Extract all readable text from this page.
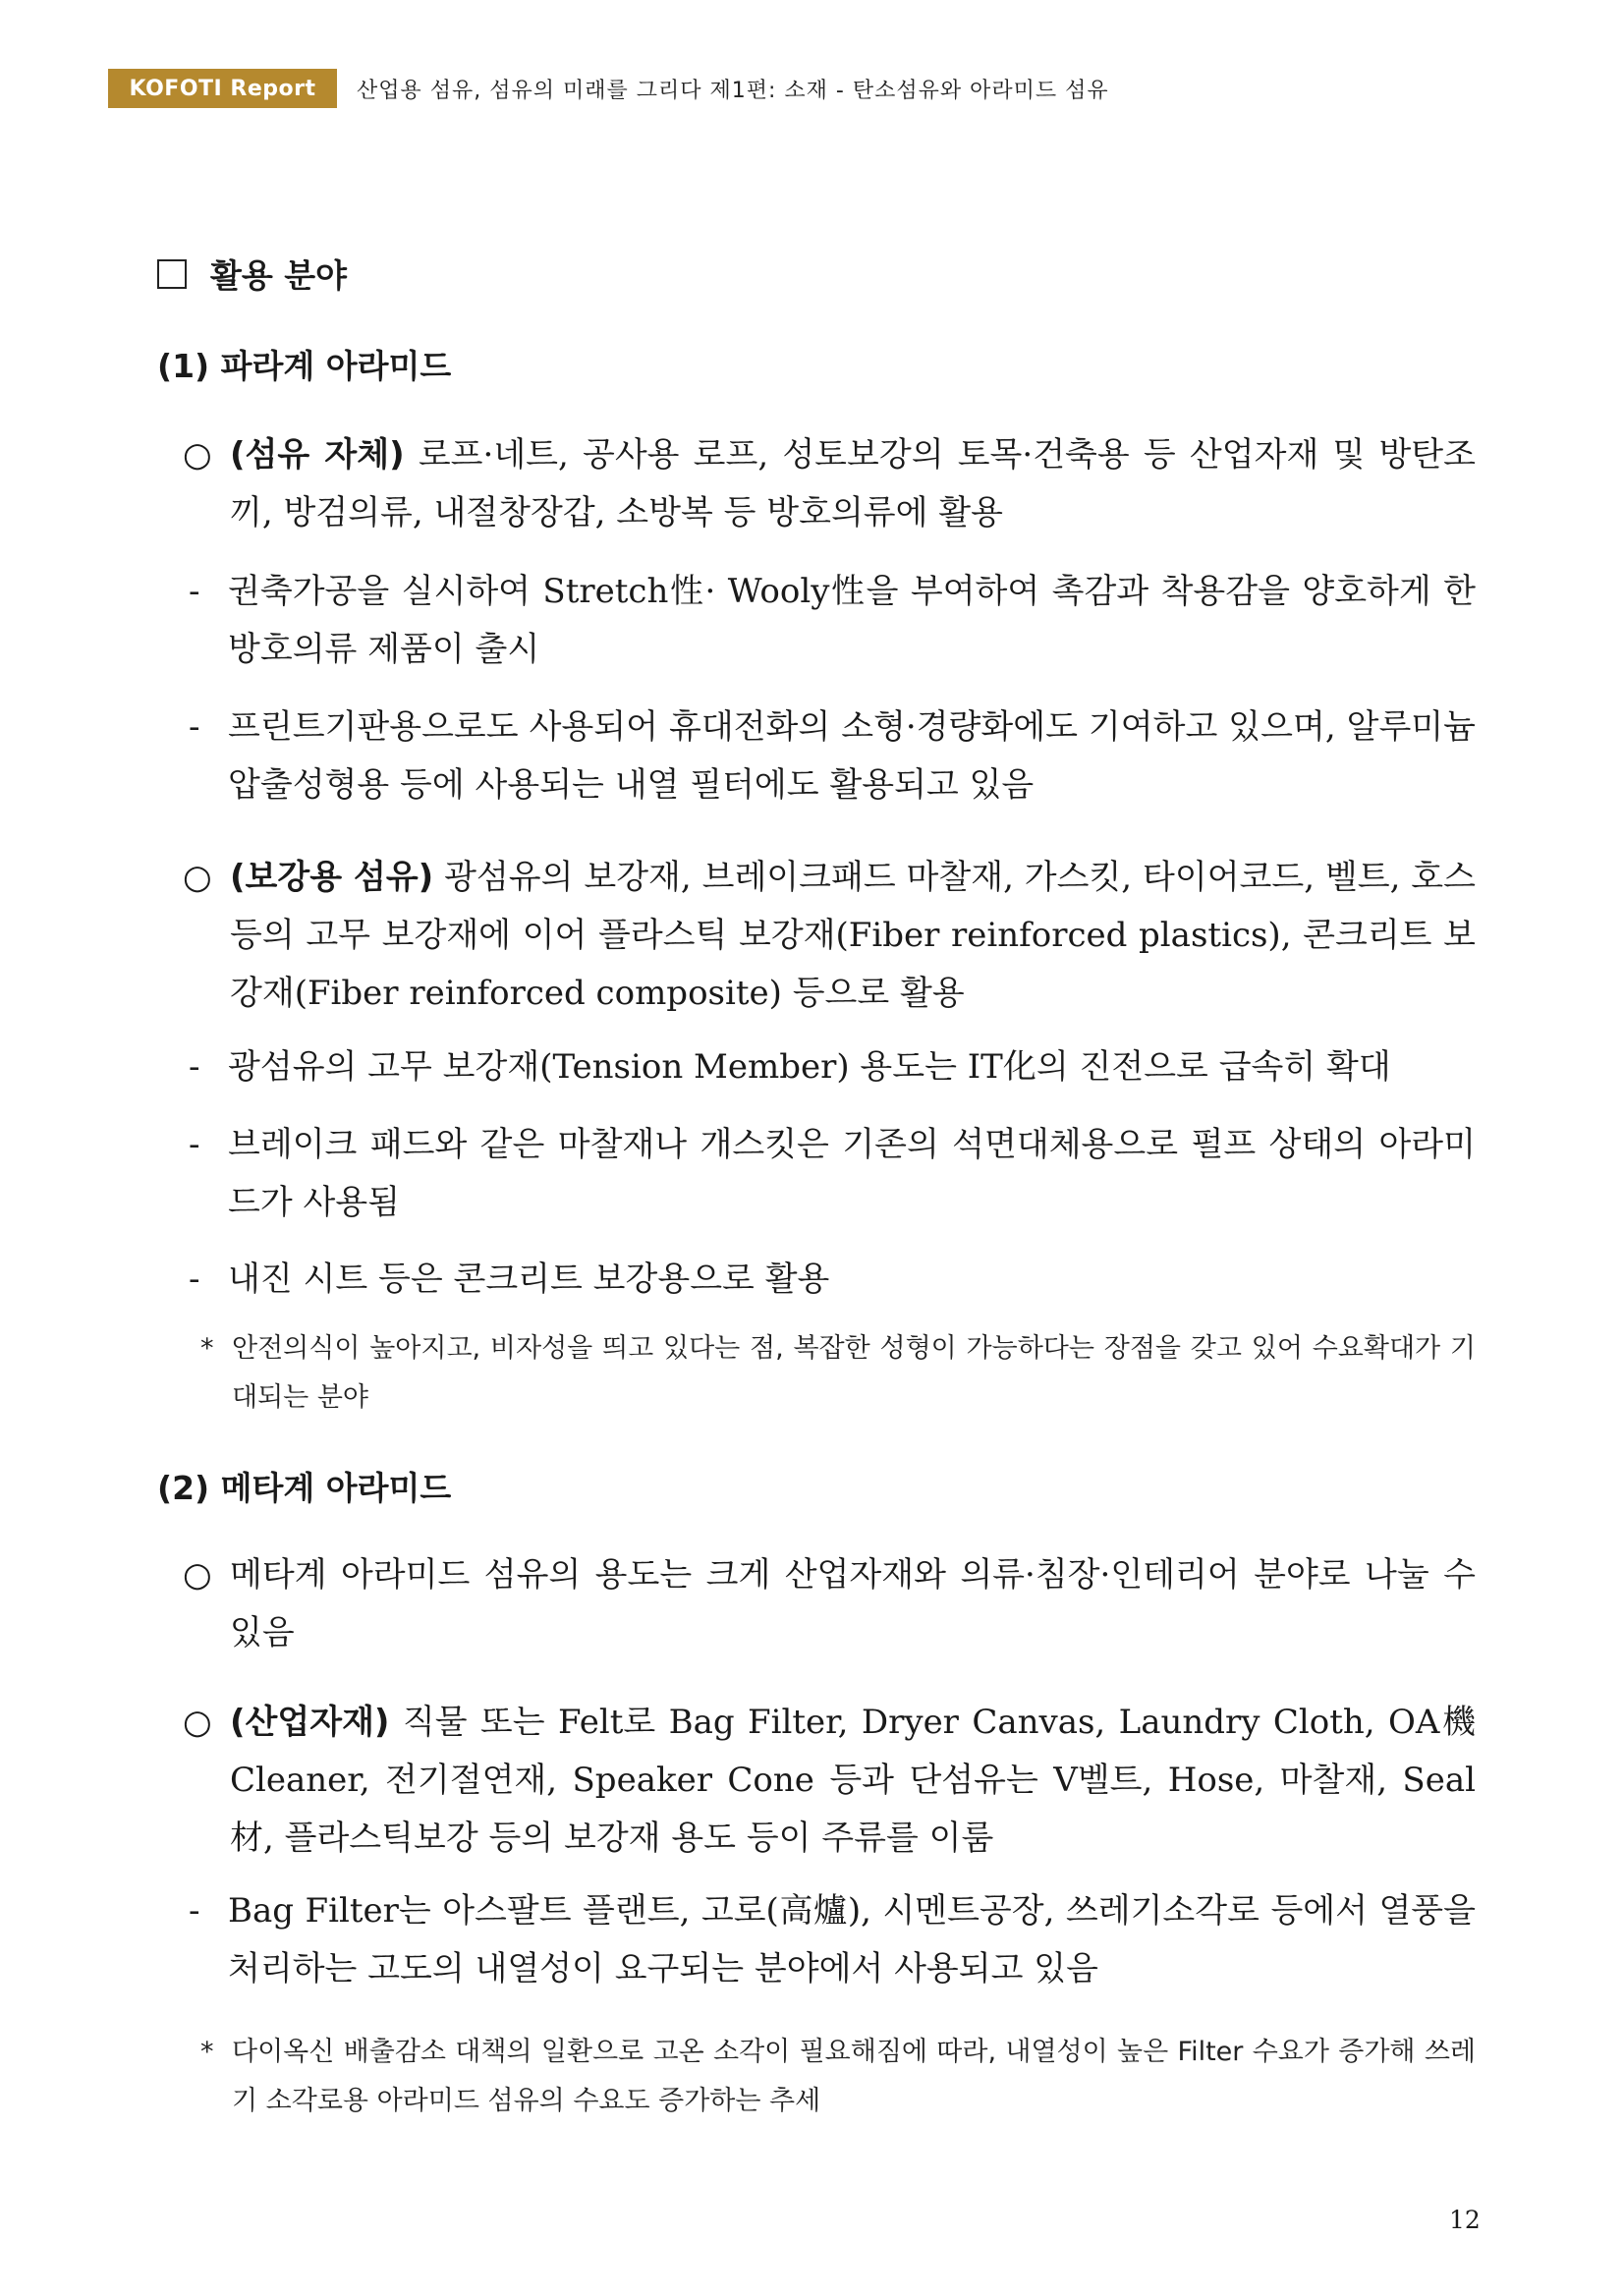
KOFOTI Report	산업용 섬유, 섬유의 미래를 그리다 제1편: 소재 - 탄소섬유와 아라미드 섬유
활용 분야
(1) 파라계 아라미드
○ (섬유 자체) 로프·네트, 공사용 로프, 성토보강의 토목·건축용 등 산업자재 및 방탄조끼, 방검의류, 내절창장갑, 소방복 등 방호의류에 활용
- 권축가공을 실시하여 Stretch性· Wooly性을 부여하여 촉감과 착용감을 양호하게 한 방호의류 제품이 출시
- 프린트기판용으로도 사용되어 휴대전화의 소형·경량화에도 기여하고 있으며, 알루미늄 압출성형용 등에 사용되는 내열 필터에도 활용되고 있음
○ (보강용 섬유) 광섬유의 보강재, 브레이크패드 마찰재, 가스킷, 타이어코드, 벨트, 호스 등의 고무 보강재에 이어 플라스틱 보강재(Fiber reinforced plastics), 콘크리트 보강재(Fiber reinforced composite) 등으로 활용
- 광섬유의 고무 보강재(Tension Member) 용도는 IT化의 진전으로 급속히 확대
- 브레이크 패드와 같은 마찰재나 개스킷은 기존의 석면대체용으로 펄프 상태의 아라미드가 사용됨
- 내진 시트 등은 콘크리트 보강용으로 활용
* 안전의식이 높아지고, 비자성을 띄고 있다는 점, 복잡한 성형이 가능하다는 장점을 갖고 있어 수요확대가 기대되는 분야
(2) 메타계 아라미드
○ 메타계 아라미드 섬유의 용도는 크게 산업자재와 의류·침장·인테리어 분야로 나눌 수 있음
○ (산업자재) 직물 또는 Felt로 Bag Filter, Dryer Canvas, Laundry Cloth, OA機 Cleaner, 전기절연재, Speaker Cone 등과 단섬유는 V벨트, Hose, 마찰재, Seal材, 플라스틱보강 등의 보강재 용도 등이 주류를 이룸
- Bag Filter는 아스팔트 플랜트, 고로(高爐), 시멘트공장, 쓰레기소각로 등에서 열풍을 처리하는 고도의 내열성이 요구되는 분야에서 사용되고 있음
* 다이옥신 배출감소 대책의 일환으로 고온 소각이 필요해짐에 따라, 내열성이 높은 Filter 수요가 증가해 쓰레기 소각로용 아라미드 섬유의 수요도 증가하는 추세
12
